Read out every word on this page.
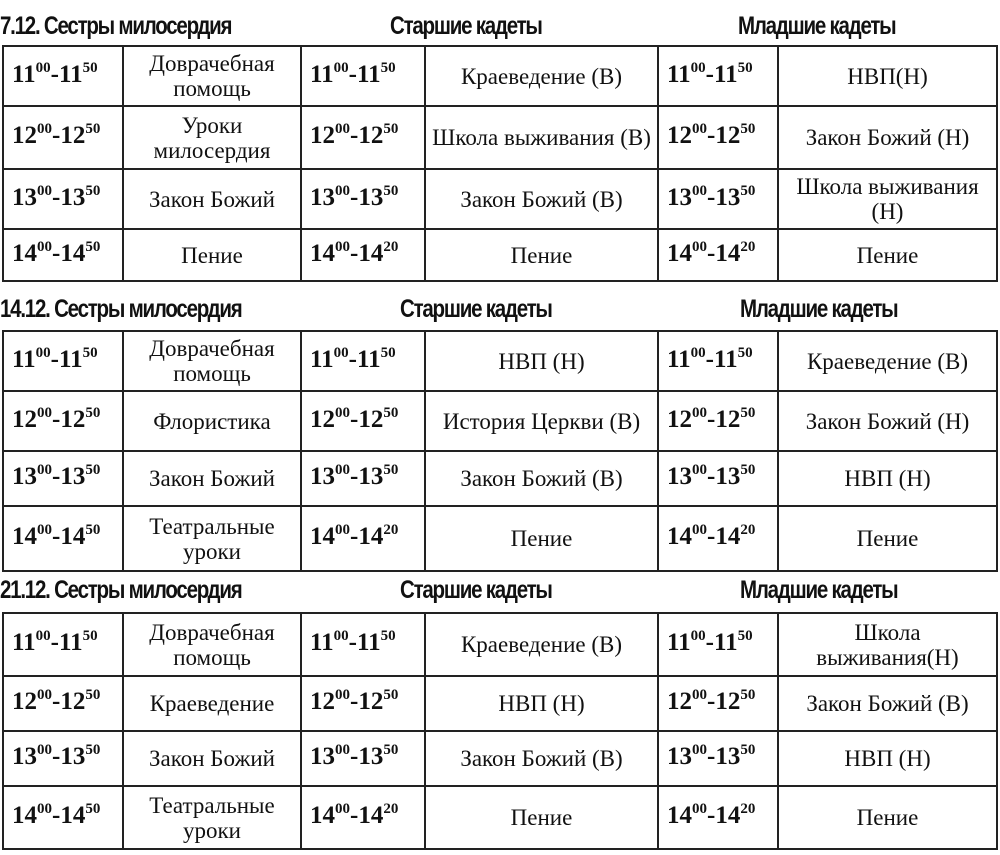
7.12. Сестры милосердия	Старшие кадеты	Младшие кадеты
$11^{00}-11^{50}$	Доврачебная помощь	$11^{00}-11^{50}$	Краеведение (В)	$11^{00}-11^{50}$	НВП(Н)
$12^{00}-12^{50}$	Уроки милосердия	$12^{00}-12^{50}$	Школа выживания (В)	$12^{00}-12^{50}$	Закон Божий (Н)
$13^{00}-13^{50}$	Закон Божий	$13^{00}-13^{50}$	Закон Божий (В)	$13^{00}-13^{50}$	Школа выживания (Н)
$14^{00}-14^{50}$	Пение	$14^{00}-14^{20}$	Пение	$14^{00}-14^{20}$	Пение
14.12. Сестры милосердия	Старшие кадеты	Младшие кадеты
$11^{00}-11^{50}$	Доврачебная помощь	$11^{00}-11^{50}$	НВП (Н)	$11^{00}-11^{50}$	Краеведение (В)
$12^{00}-12^{50}$	Флористика	$12^{00}-12^{50}$	История Церкви (В)	$12^{00}-12^{50}$	Закон Божий (Н)
$13^{00}-13^{50}$	Закон Божий	$13^{00}-13^{50}$	Закон Божий (В)	$13^{00}-13^{50}$	НВП (Н)
$14^{00}-14^{50}$	Театральные уроки	$14^{00}-14^{20}$	Пение	$14^{00}-14^{20}$	Пение
21.12. Сестры милосердия	Старшие кадеты	Младшие кадеты
$11^{00}-11^{50}$	Доврачебная помощь	$11^{00}-11^{50}$	Краеведение (В)	$11^{00}-11^{50}$	Школа выживания(Н)
$12^{00}-12^{50}$	Краеведение	$12^{00}-12^{50}$	НВП (Н)	$12^{00}-12^{50}$	Закон Божий (В)
$13^{00}-13^{50}$	Закон Божий	$13^{00}-13^{50}$	Закон Божий (В)	$13^{00}-13^{50}$	НВП (Н)
$14^{00}-14^{50}$	Театральные уроки	$14^{00}-14^{20}$	Пение	$14^{00}-14^{20}$	Пение
